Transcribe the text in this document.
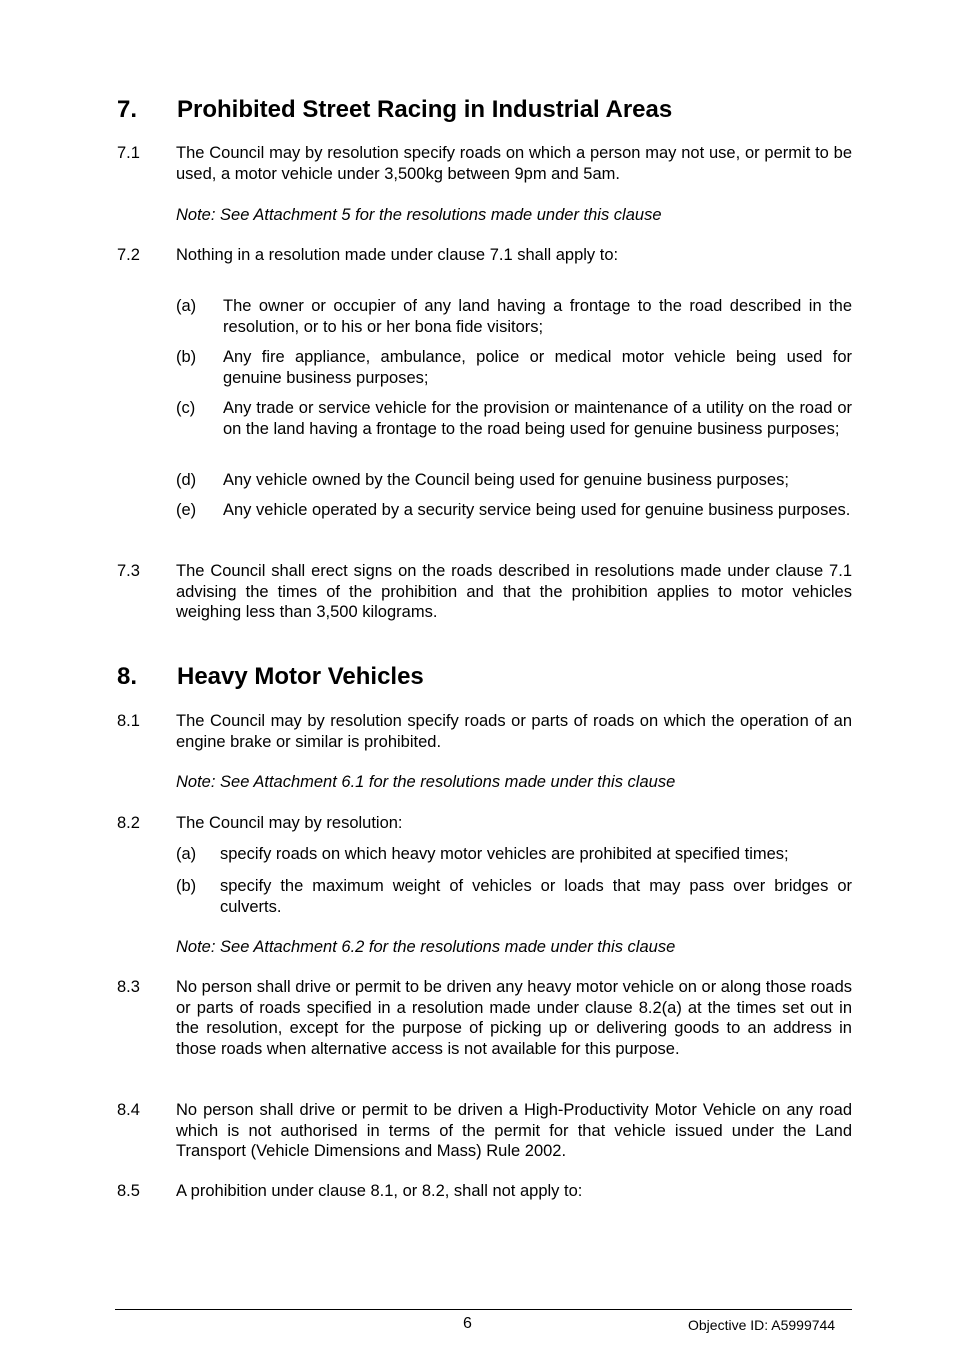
7. Prohibited Street Racing in Industrial Areas
7.1 The Council may by resolution specify roads on which a person may not use, or permit to be used, a motor vehicle under 3,500kg between 9pm and 5am.
Note: See Attachment 5 for the resolutions made under this clause
7.2 Nothing in a resolution made under clause 7.1 shall apply to:
(a) The owner or occupier of any land having a frontage to the road described in the resolution, or to his or her bona fide visitors;
(b) Any fire appliance, ambulance, police or medical motor vehicle being used for genuine business purposes;
(c) Any trade or service vehicle for the provision or maintenance of a utility on the road or on the land having a frontage to the road being used for genuine business purposes;
(d) Any vehicle owned by the Council being used for genuine business purposes;
(e) Any vehicle operated by a security service being used for genuine business purposes.
7.3 The Council shall erect signs on the roads described in resolutions made under clause 7.1 advising the times of the prohibition and that the prohibition applies to motor vehicles weighing less than 3,500 kilograms.
8. Heavy Motor Vehicles
8.1 The Council may by resolution specify roads or parts of roads on which the operation of an engine brake or similar is prohibited.
Note: See Attachment 6.1 for the resolutions made under this clause
8.2 The Council may by resolution:
(a) specify roads on which heavy motor vehicles are prohibited at specified times;
(b) specify the maximum weight of vehicles or loads that may pass over bridges or culverts.
Note: See Attachment 6.2 for the resolutions made under this clause
8.3 No person shall drive or permit to be driven any heavy motor vehicle on or along those roads or parts of roads specified in a resolution made under clause 8.2(a) at the times set out in the resolution, except for the purpose of picking up or delivering goods to an address in those roads when alternative access is not available for this purpose.
8.4 No person shall drive or permit to be driven a High-Productivity Motor Vehicle on any road which is not authorised in terms of the permit for that vehicle issued under the Land Transport (Vehicle Dimensions and Mass) Rule 2002.
8.5 A prohibition under clause 8.1, or 8.2, shall not apply to:
6	Objective ID: A5999744
